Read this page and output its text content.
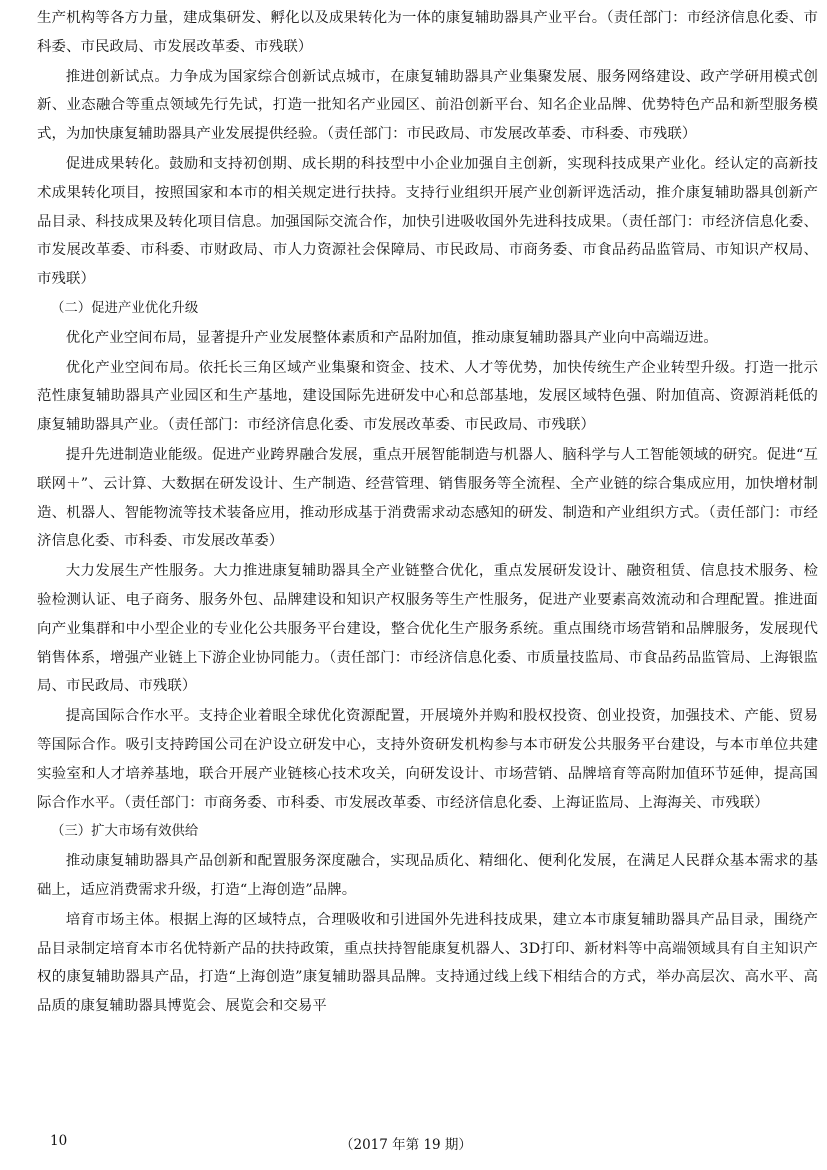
生产机构等各方力量，建成集研发、孵化以及成果转化为一体的康复辅助器具产业平台。（责任部门：市经济信息化委、市科委、市民政局、市发展改革委、市残联）

推进创新试点。力争成为国家综合创新试点城市，在康复辅助器具产业集聚发展、服务网络建设、政产学研用模式创新、业态融合等重点领域先行先试，打造一批知名产业园区、前沿创新平台、知名企业品牌、优势特色产品和新型服务模式，为加快康复辅助器具产业发展提供经验。（责任部门：市民政局、市发展改革委、市科委、市残联）

促进成果转化。鼓励和支持初创期、成长期的科技型中小企业加强自主创新，实现科技成果产业化。经认定的高新技术成果转化项目，按照国家和本市的相关规定进行扶持。支持行业组织开展产业创新评选活动，推介康复辅助器具创新产品目录、科技成果及转化项目信息。加强国际交流合作，加快引进吸收国外先进科技成果。（责任部门：市经济信息化委、市发展改革委、市科委、市财政局、市人力资源社会保障局、市民政局、市商务委、市食品药品监管局、市知识产权局、市残联）

（二）促进产业优化升级

优化产业空间布局，显著提升产业发展整体素质和产品附加值，推动康复辅助器具产业向中高端迈进。

优化产业空间布局。依托长三角区域产业集聚和资金、技术、人才等优势，加快传统生产企业转型升级。打造一批示范性康复辅助器具产业园区和生产基地，建设国际先进研发中心和总部基地，发展区域特色强、附加值高、资源消耗低的康复辅助器具产业。（责任部门：市经济信息化委、市发展改革委、市民政局、市残联）

提升先进制造业能级。促进产业跨界融合发展，重点开展智能制造与机器人、脑科学与人工智能领域的研究。促进“互联网＋”、云计算、大数据在研发设计、生产制造、经营管理、销售服务等全流程、全产业链的综合集成应用，加快增材制造、机器人、智能物流等技术装备应用，推动形成基于消费需求动态感知的研发、制造和产业组织方式。（责任部门：市经济信息化委、市科委、市发展改革委）

大力发展生产性服务。大力推进康复辅助器具全产业链整合优化，重点发展研发设计、融资租赁、信息技术服务、检验检测认证、电子商务、服务外包、品牌建设和知识产权服务等生产性服务，促进产业要素高效流动和合理配置。推进面向产业集群和中小型企业的专业化公共服务平台建设，整合优化生产服务系统。重点围绕市场营销和品牌服务，发展现代销售体系，增强产业链上下游企业协同能力。（责任部门：市经济信息化委、市质量技监局、市食品药品监管局、上海银监局、市民政局、市残联）

提高国际合作水平。支持企业着眼全球优化资源配置，开展境外并购和股权投资、创业投资，加强技术、产能、贸易等国际合作。吸引支持跨国公司在沪设立研发中心，支持外资研发机构参与本市研发公共服务平台建设，与本市单位共建实验室和人才培养基地，联合开展产业链核心技术攻关，向研发设计、市场营销、品牌培育等高附加值环节延伸，提高国际合作水平。（责任部门：市商务委、市科委、市发展改革委、市经济信息化委、上海证监局、上海海关、市残联）

（三）扩大市场有效供给

推动康复辅助器具产品创新和配置服务深度融合，实现品质化、精细化、便利化发展，在满足人民群众基本需求的基础上，适应消费需求升级，打造“上海创造”品牌。

培育市场主体。根据上海的区域特点，合理吸收和引进国外先进科技成果，建立本市康复辅助器具产品目录，围绕产品目录制定培育本市名优特新产品的扶持政策，重点扶持智能康复机器人、3D打印、新材料等中高端领域具有自主知识产权的康复辅助器具产品，打造“上海创造”康复辅助器具品牌。支持通过线上线下相结合的方式，举办高层次、高水平、高品质的康复辅助器具博览会、展览会和交易平

10	（2017 年第 19 期）
